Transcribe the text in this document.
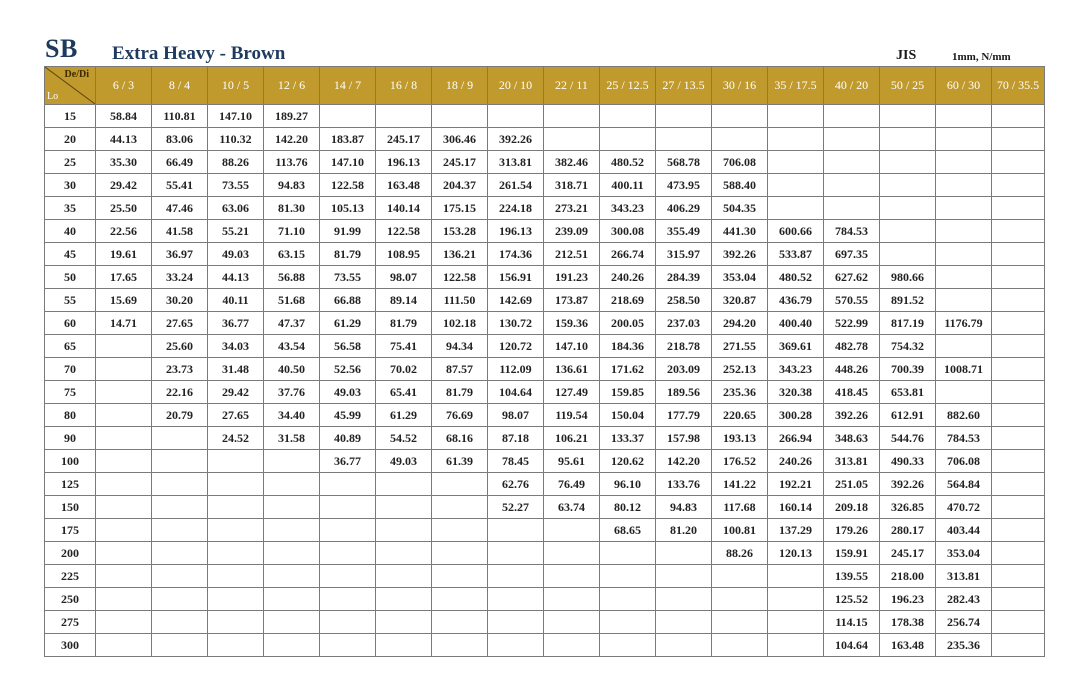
SB Extra Heavy - Brown	JIS	1mm, N/mm
De/Di
Lo	6 / 3	8 / 4	10 / 5	12 / 6	14 / 7	16 / 8	18 / 9	20 / 10	22 / 11	25 / 12.5	27 / 13.5	30 / 16	35 / 17.5	40 / 20	50 / 25	60 / 30	70 / 35.5
15	58.84	110.81	147.10	189.27													
20	44.13	83.06	110.32	142.20	183.87	245.17	306.46	392.26									
25	35.30	66.49	88.26	113.76	147.10	196.13	245.17	313.81	382.46	480.52	568.78	706.08					
30	29.42	55.41	73.55	94.83	122.58	163.48	204.37	261.54	318.71	400.11	473.95	588.40					
35	25.50	47.46	63.06	81.30	105.13	140.14	175.15	224.18	273.21	343.23	406.29	504.35					
40	22.56	41.58	55.21	71.10	91.99	122.58	153.28	196.13	239.09	300.08	355.49	441.30	600.66	784.53			
45	19.61	36.97	49.03	63.15	81.79	108.95	136.21	174.36	212.51	266.74	315.97	392.26	533.87	697.35			
50	17.65	33.24	44.13	56.88	73.55	98.07	122.58	156.91	191.23	240.26	284.39	353.04	480.52	627.62	980.66		
55	15.69	30.20	40.11	51.68	66.88	89.14	111.50	142.69	173.87	218.69	258.50	320.87	436.79	570.55	891.52		
60	14.71	27.65	36.77	47.37	61.29	81.79	102.18	130.72	159.36	200.05	237.03	294.20	400.40	522.99	817.19	1176.79	
65		25.60	34.03	43.54	56.58	75.41	94.34	120.72	147.10	184.36	218.78	271.55	369.61	482.78	754.32		
70		23.73	31.48	40.50	52.56	70.02	87.57	112.09	136.61	171.62	203.09	252.13	343.23	448.26	700.39	1008.71	
75		22.16	29.42	37.76	49.03	65.41	81.79	104.64	127.49	159.85	189.56	235.36	320.38	418.45	653.81		
80		20.79	27.65	34.40	45.99	61.29	76.69	98.07	119.54	150.04	177.79	220.65	300.28	392.26	612.91	882.60	
90			24.52	31.58	40.89	54.52	68.16	87.18	106.21	133.37	157.98	193.13	266.94	348.63	544.76	784.53	
100					36.77	49.03	61.39	78.45	95.61	120.62	142.20	176.52	240.26	313.81	490.33	706.08	
125								62.76	76.49	96.10	133.76	141.22	192.21	251.05	392.26	564.84	
150								52.27	63.74	80.12	94.83	117.68	160.14	209.18	326.85	470.72	
175										68.65	81.20	100.81	137.29	179.26	280.17	403.44	
200												88.26	120.13	159.91	245.17	353.04	
225														139.55	218.00	313.81	
250														125.52	196.23	282.43	
275														114.15	178.38	256.74	
300														104.64	163.48	235.36	
